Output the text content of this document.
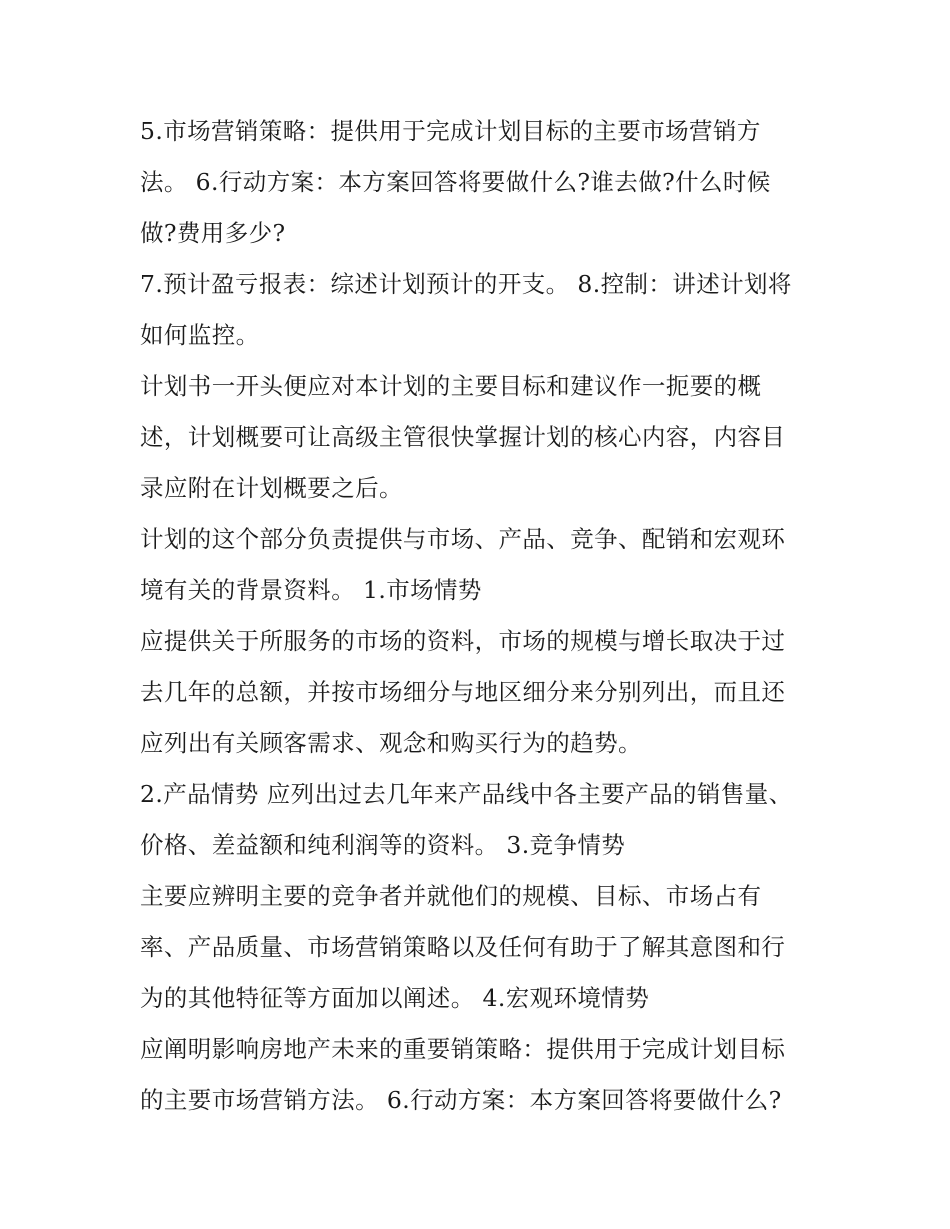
5.市场营销策略：提供用于完成计划目标的主要市场营销方
法。 6.行动方案：本方案回答将要做什么?谁去做?什么时候
做?费用多少?
7.预计盈亏报表：综述计划预计的开支。 8.控制：讲述计划将
如何监控。
计划书一开头便应对本计划的主要目标和建议作一扼要的概
述，计划概要可让高级主管很快掌握计划的核心内容，内容目
录应附在计划概要之后。
计划的这个部分负责提供与市场、产品、竞争、配销和宏观环
境有关的背景资料。 1.市场情势
应提供关于所服务的市场的资料，市场的规模与增长取决于过
去几年的总额，并按市场细分与地区细分来分别列出，而且还
应列出有关顾客需求、观念和购买行为的趋势。
2.产品情势 应列出过去几年来产品线中各主要产品的销售量、
价格、差益额和纯利润等的资料。 3.竞争情势
主要应辨明主要的竞争者并就他们的规模、目标、市场占有
率、产品质量、市场营销策略以及任何有助于了解其意图和行
为的其他特征等方面加以阐述。 4.宏观环境情势
应阐明影响房地产未来的重要销策略：提供用于完成计划目标
的主要市场营销方法。 6.行动方案：本方案回答将要做什么?
